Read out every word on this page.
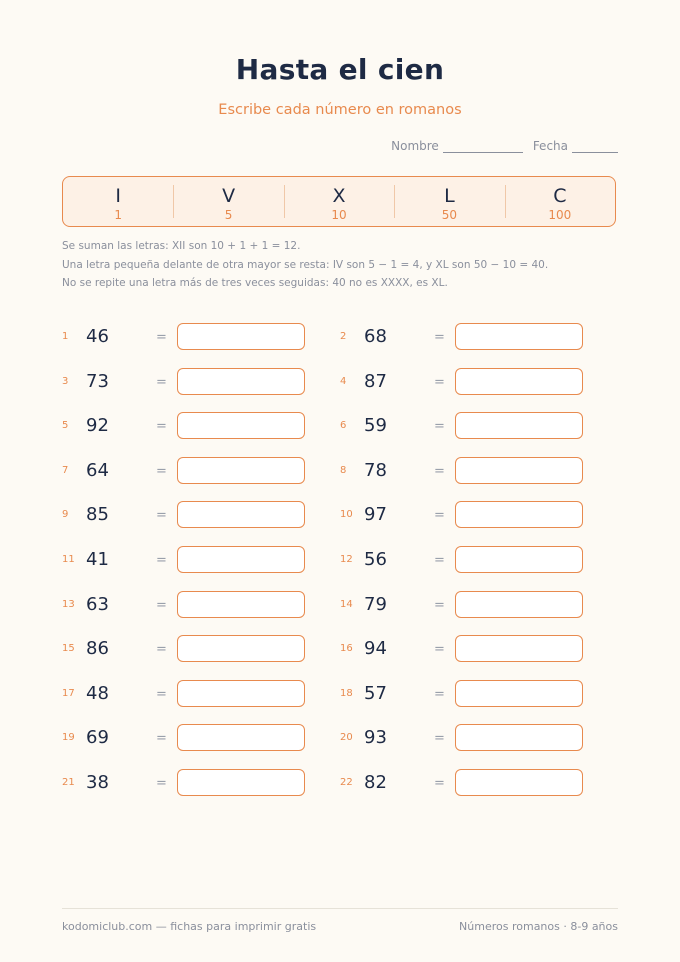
Hasta el cien
Escribe cada número en romanos
Nombre	Fecha
I
1
V
5
X
10
L
50
C
100
Se suman las letras: XII son 10 + 1 + 1 = 12.
Una letra pequeña delante de otra mayor se resta: IV son 5 − 1 = 4, y XL son 50 − 10 = 40.
No se repite una letra más de tres veces seguidas: 40 no es XXXX, es XL.
1 46	=	2 68	=
3 73	=	4 87	=
5 92	=	6 59	=
7 64	=	8 78	=
9 85	=	10 97	=
11 41	=	12 56	=
13 63	=	14 79	=
15 86	=	16 94	=
17 48	=	18 57	=
19 69	=	20 93	=
21 38	=	22 82	=
kodomiclub.com — fichas para imprimir gratis	Números romanos · 8-9 años
